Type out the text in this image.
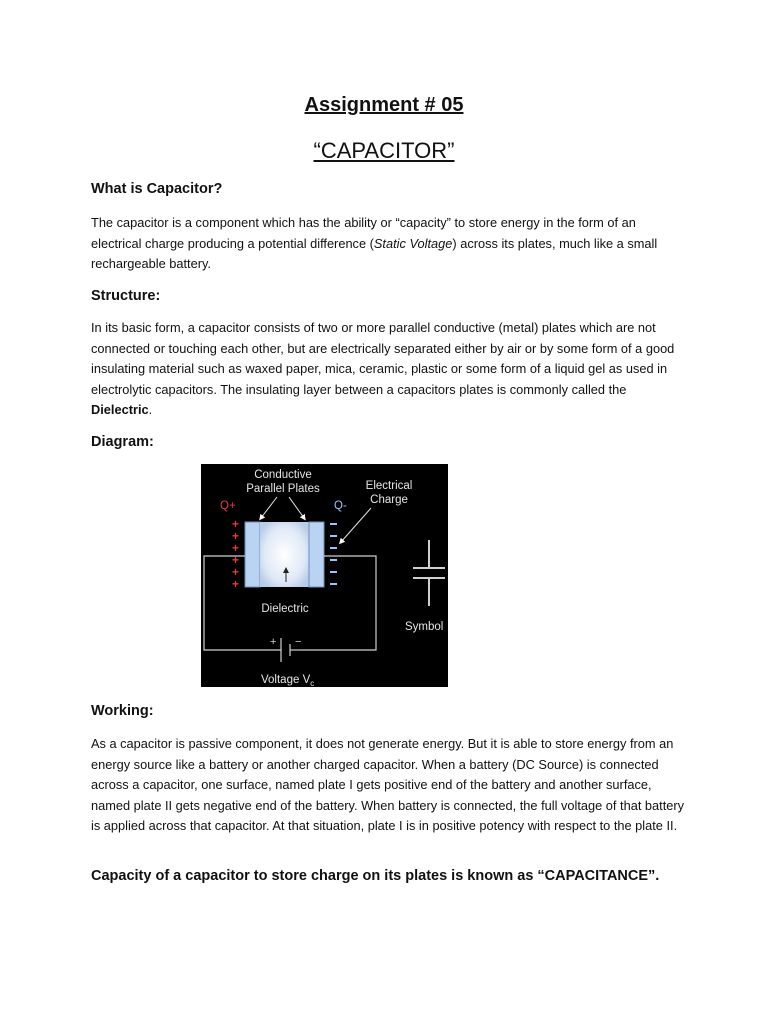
Assignment # 05
“CAPACITOR”
What is Capacitor?

The capacitor is a component which has the ability or “capacity” to store energy in the form of an electrical charge producing a potential difference (Static Voltage) across its plates, much like a small rechargeable battery.

Structure:

In its basic form, a capacitor consists of two or more parallel conductive (metal) plates which are not connected or touching each other, but are electrically separated either by air or by some form of a good insulating material such as waxed paper, mica, ceramic, plastic or some form of a liquid gel as used in electrolytic capacitors. The insulating layer between a capacitors plates is commonly called the Dielectric.

Diagram:
Conductive
Parallel Plates	Electrical
Charge
Q+	Q-
+
+
+
+
+
+
Dielectric
+ −
Voltage $V_c$
Symbol
Working:

As a capacitor is passive component, it does not generate energy. But it is able to store energy from an energy source like a battery or another charged capacitor. When a battery (DC Source) is connected across a capacitor, one surface, named plate I gets positive end of the battery and another surface, named plate II gets negative end of the battery. When battery is connected, the full voltage of that battery is applied across that capacitor. At that situation, plate I is in positive potency with respect to the plate II.

Capacity of a capacitor to store charge on its plates is known as “CAPACITANCE”.
